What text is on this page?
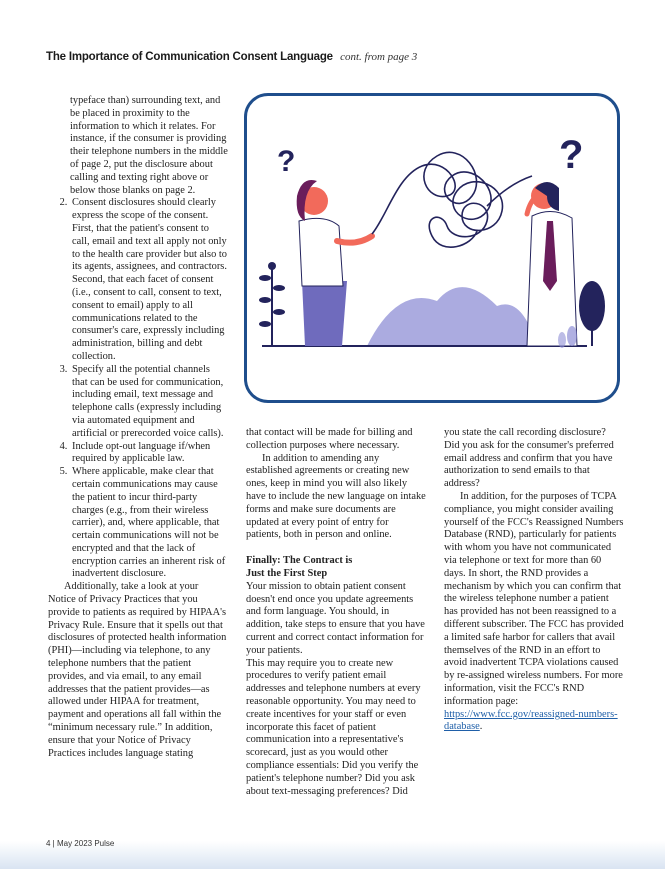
The Importance of Communication Consent Language cont. from page 3

typeface than) surrounding text, and be placed in proximity to the information to which it relates. For instance, if the consumer is providing their telephone numbers in the middle of page 2, put the disclosure about calling and texting right above or below those blanks on page 2.

2. Consent disclosures should clearly express the scope of the consent. First, that the patient's consent to call, email and text all apply not only to the health care provider but also to its agents, assignees, and contractors. Second, that each facet of consent (i.e., consent to call, consent to text, consent to email) apply to all communications related to the consumer's care, expressly including administration, billing and debt collection.
3. Specify all the potential channels that can be used for communication, including email, text message and telephone calls (expressly including via automated equipment and artificial or prerecorded voice calls).
4. Include opt-out language if/when required by applicable law.
5. Where applicable, make clear that certain communications may cause the patient to incur third-party charges (e.g., from their wireless carrier), and, where applicable, that certain communications will not be encrypted and that the lack of encryption carries an inherent risk of inadvertent disclosure.

Additionally, take a look at your Notice of Privacy Practices that you provide to patients as required by HIPAA's Privacy Rule. Ensure that it spells out that disclosures of protected health information (PHI)—including via telephone, to any telephone numbers that the patient provides, and via email, to any email addresses that the patient provides—as allowed under HIPAA for treatment, payment and operations all fall within the “minimum necessary rule.” In addition, ensure that your Notice of Privacy Practices includes language stating

?	?

that contact will be made for billing and collection purposes where necessary.

In addition to amending any established agreements or creating new ones, keep in mind you will also likely have to include the new language on intake forms and make sure documents are updated at every point of entry for patients, both in person and online.

Finally: The Contract is
Just the First Step

Your mission to obtain patient consent doesn't end once you update agreements and form language. You should, in addition, take steps to ensure that you have current and correct contact information for your patients.

This may require you to create new procedures to verify patient email addresses and telephone numbers at every reasonable opportunity. You may need to create incentives for your staff or even incorporate this facet of patient communication into a representative's scorecard, just as you would other compliance essentials: Did you verify the patient's telephone number? Did you ask about text-messaging preferences? Did

you state the call recording disclosure? Did you ask for the consumer's preferred email address and confirm that you have authorization to send emails to that address?

In addition, for the purposes of TCPA compliance, you might consider availing yourself of the FCC's Reassigned Numbers Database (RND), particularly for patients with whom you have not communicated via telephone or text for more than 60 days. In short, the RND provides a mechanism by which you can confirm that the wireless telephone number a patient has provided has not been reassigned to a different subscriber. The FCC has provided a limited safe harbor for callers that avail themselves of the RND in an effort to avoid inadvertent TCPA violations caused by re-assigned wireless numbers. For more information, visit the FCC's RND information page: https://www.fcc.gov/reassigned-numbers-database.

4 | May 2023 Pulse
